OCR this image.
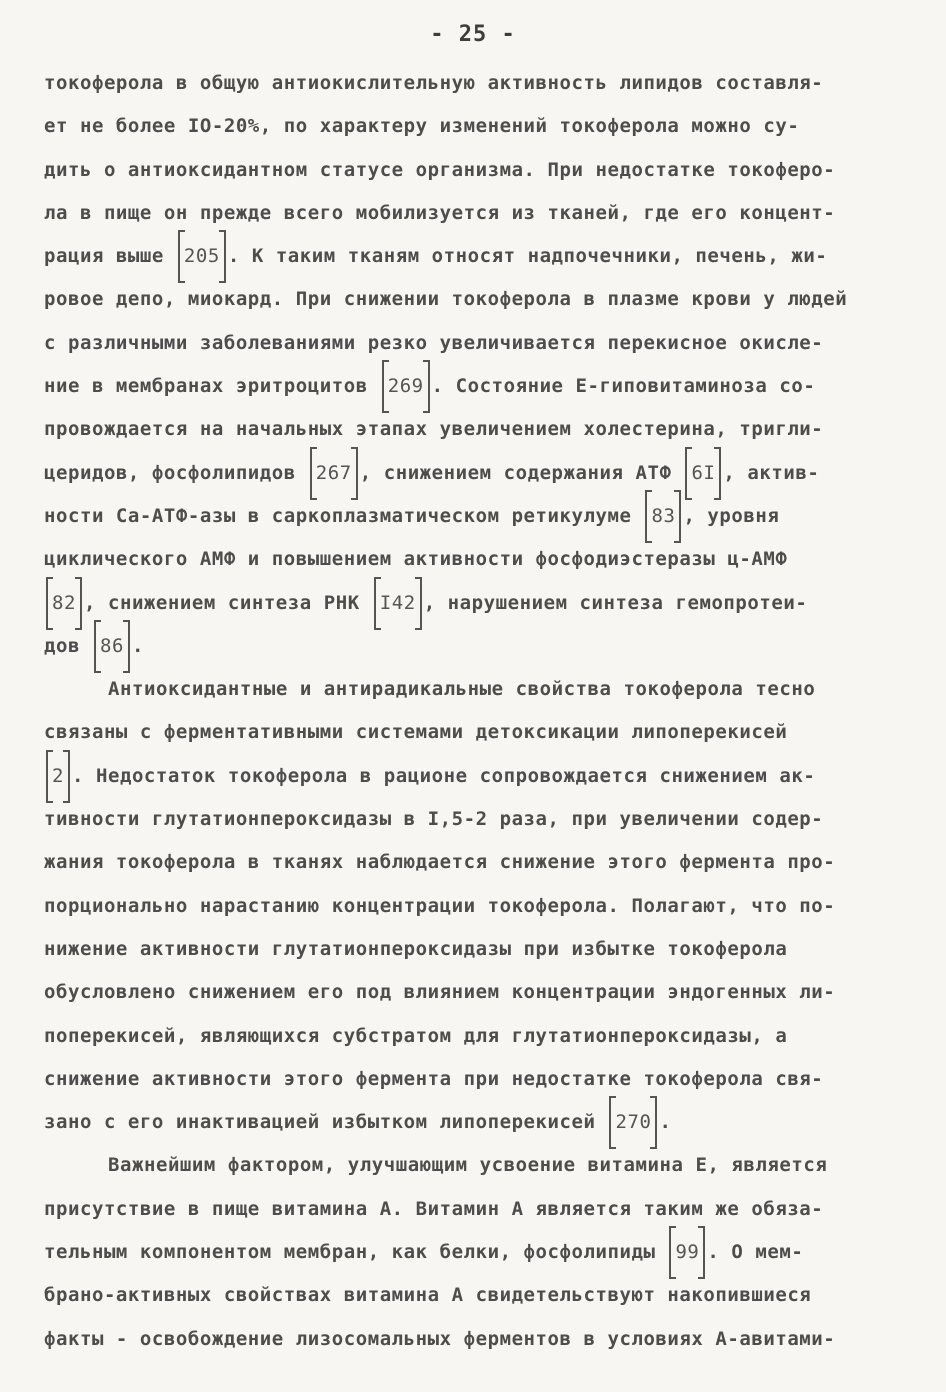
- 25 -
токоферола в общую антиокислительную активность липидов составля-
ет не более IO-20%, по характеру изменений токоферола можно су-
дить о антиоксидантном статусе организма. При недостатке токоферо-
ла в пище он прежде всего мобилизуется из тканей, где его концент-
рация выше 205 . К таким тканям относят надпочечники, печень, жи-
ровое депо, миокард. При снижении токоферола в плазме крови у людей
с различными заболеваниями резко увеличивается перекисное окисле-
ние в мембранах эритроцитов 269 . Состояние Е-гиповитаминоза со-
провождается на начальных этапах увеличением холестерина, тригли-
церидов, фосфолипидов 267 , снижением содержания АТФ 6I , актив-
ности Са-АТФ-азы в саркоплазматическом ретикулуме 83 , уровня
циклического АМФ и повышением активности фосфодиэстеразы ц-АМФ
82 , снижением синтеза РНК I42 , нарушением синтеза гемопротеи-
дов 86 .
Антиоксидантные и антирадикальные свойства токоферола тесно
связаны с ферментативными системами детоксикации липоперекисей
2 . Недостаток токоферола в рационе сопровождается снижением ак-
тивности глутатионпероксидазы в I,5-2 раза, при увеличении содер-
жания токоферола в тканях наблюдается снижение этого фермента про-
порционально нарастанию концентрации токоферола. Полагают, что по-
нижение активности глутатионпероксидазы при избытке токоферола
обусловлено снижением его под влиянием концентрации эндогенных ли-
поперекисей, являющихся субстратом для глутатионпероксидазы, а
снижение активности этого фермента при недостатке токоферола свя-
зано с его инактивацией избытком липоперекисей 270 .
Важнейшим фактором, улучшающим усвоение витамина Е, является
присутствие в пище витамина А. Витамин А является таким же обяза-
тельным компонентом мембран, как белки, фосфолипиды 99 . О мем-
брано-активных свойствах витамина А свидетельствуют накопившиеся
факты - освобождение лизосомальных ферментов в условиях А-авитами-
